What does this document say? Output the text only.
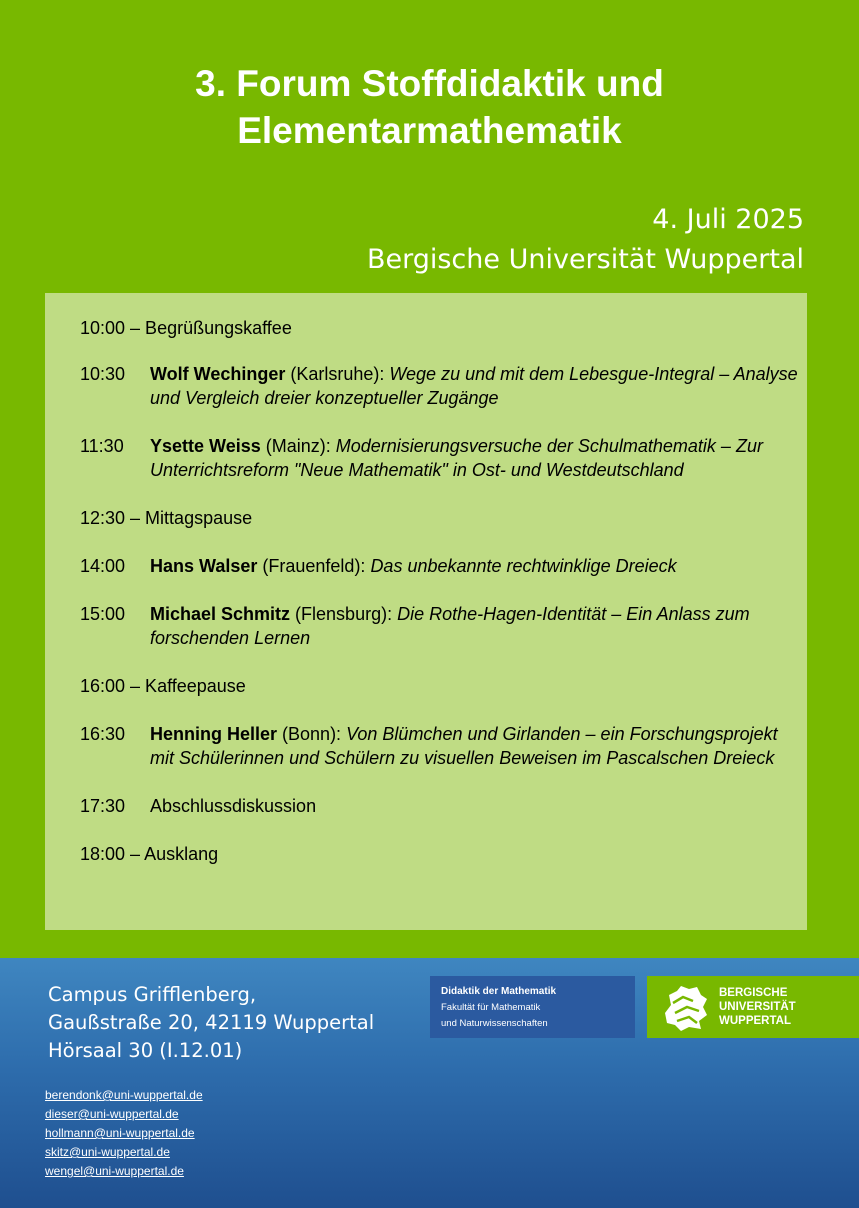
3. Forum Stoffdidaktik und
Elementarmathematik
4. Juli 2025
Bergische Universität Wuppertal
10:00 – Begrüßungskaffee
10:30	Wolf Wechinger (Karlsruhe): Wege zu und mit dem Lebesgue-Integral – Analyse und Vergleich dreier konzeptueller Zugänge
11:30	Ysette Weiss (Mainz): Modernisierungsversuche der Schulmathematik – Zur Unterrichtsreform "Neue Mathematik" in Ost- und Westdeutschland
12:30 – Mittagspause
14:00	Hans Walser (Frauenfeld): Das unbekannte rechtwinklige Dreieck
15:00	Michael Schmitz (Flensburg): Die Rothe-Hagen-Identität – Ein Anlass zum forschenden Lernen
16:00 – Kaffeepause
16:30	Henning Heller (Bonn): Von Blümchen und Girlanden – ein Forschungsprojekt mit Schülerinnen und Schülern zu visuellen Beweisen im Pascalschen Dreieck
17:30	Abschlussdiskussion
18:00 – Ausklang
Campus Grifflenberg,
Gaußstraße 20, 42119 Wuppertal
Hörsaal 30 (I.12.01)
berendonk@uni-wuppertal.de
dieser@uni-wuppertal.de
hollmann@uni-wuppertal.de
skitz@uni-wuppertal.de
wengel@uni-wuppertal.de
Didaktik der Mathematik
Fakultät für Mathematik
und Naturwissenschaften
BERGISCHE
UNIVERSITÄT
WUPPERTAL
